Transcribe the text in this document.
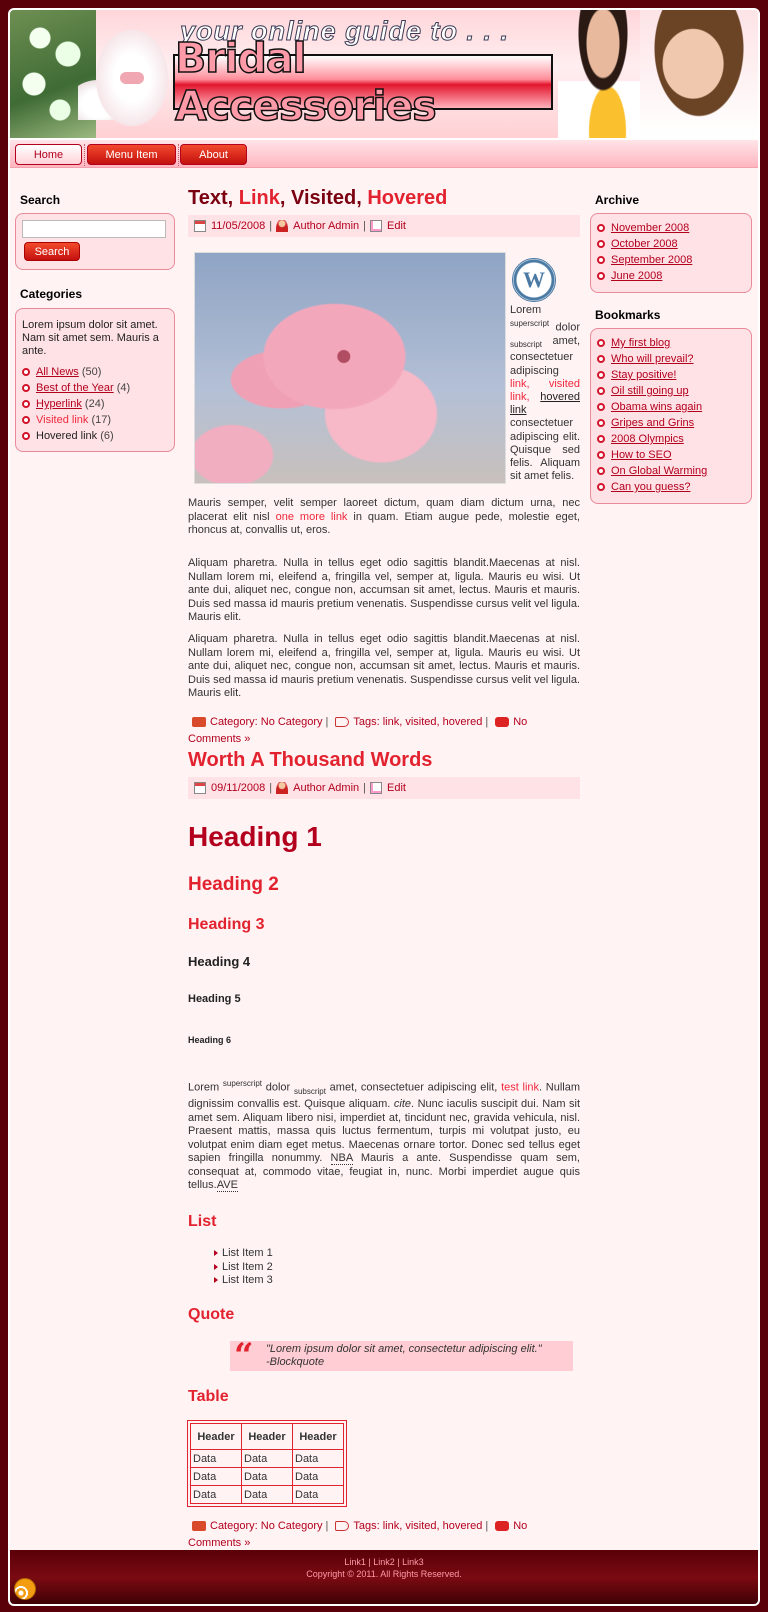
your online guide to . . .
Bridal Accessories
Home	Menu Item	About
Search
Search
Categories
Lorem ipsum dolor sit amet. Nam sit amet sem. Mauris a ante.
All News (50)
Best of the Year (4)
Hyperlink (24)
Visited link (17)
Hovered link (6)
Archive
November 2008
October 2008
September 2008
June 2008
Bookmarks
My first blog
Who will prevail?
Stay positive!
Oil still going up
Obama wins again
Gripes and Grins
2008 Olympics
How to SEO
On Global Warming
Can you guess?
Text, Link, Visited, Hovered
11/05/2008 | Author Admin | Edit
W
Lorem
$^{superscript}$ dolor $_{subscript}$ amet, consectetuer adipiscing link, visited link, hovered link consectetuer adipiscing elit. Quisque sed felis. Aliquam sit amet felis.
Mauris semper, velit semper laoreet dictum, quam diam dictum urna, nec placerat elit nisl one more link in quam. Etiam augue pede, molestie eget, rhoncus at, convallis ut, eros.
Aliquam pharetra. Nulla in tellus eget odio sagittis blandit.Maecenas at nisl. Nullam lorem mi, eleifend a, fringilla vel, semper at, ligula. Mauris eu wisi. Ut ante dui, aliquet nec, congue non, accumsan sit amet, lectus. Mauris et mauris. Duis sed massa id mauris pretium venenatis. Suspendisse cursus velit vel ligula. Mauris elit.
Aliquam pharetra. Nulla in tellus eget odio sagittis blandit.Maecenas at nisl. Nullam lorem mi, eleifend a, fringilla vel, semper at, ligula. Mauris eu wisi. Ut ante dui, aliquet nec, congue non, accumsan sit amet, lectus. Mauris et mauris. Duis sed massa id mauris pretium venenatis. Suspendisse cursus velit vel ligula. Mauris elit.
Category: No Category | Tags: link, visited, hovered | No
Comments »
Worth A Thousand Words
09/11/2008 | Author Admin | Edit
Heading 1
Heading 2
Heading 3
Heading 4
Heading 5
Heading 6
Lorem $^{superscript}$ dolor $_{subscript}$ amet, consectetuer adipiscing elit, test link. Nullam dignissim convallis est. Quisque aliquam. cite. Nunc iaculis suscipit dui. Nam sit amet sem. Aliquam libero nisi, imperdiet at, tincidunt nec, gravida vehicula, nisl. Praesent mattis, massa quis luctus fermentum, turpis mi volutpat justo, eu volutpat enim diam eget metus. Maecenas ornare tortor. Donec sed tellus eget sapien fringilla nonummy. NBA Mauris a ante. Suspendisse quam sem, consequat at, commodo vitae, feugiat in, nunc. Morbi imperdiet augue quis tellus.AVE
List
List Item 1
List Item 2
List Item 3
Quote
“ "Lorem ipsum dolor sit amet, consectetur adipiscing elit."
-Blockquote
Table
Header	Header	Header
Data	Data	Data
Data	Data	Data
Data	Data	Data
Category: No Category | Tags: link, visited, hovered | No
Comments »
Link1 | Link2 | Link3
Copyright © 2011. All Rights Reserved.
